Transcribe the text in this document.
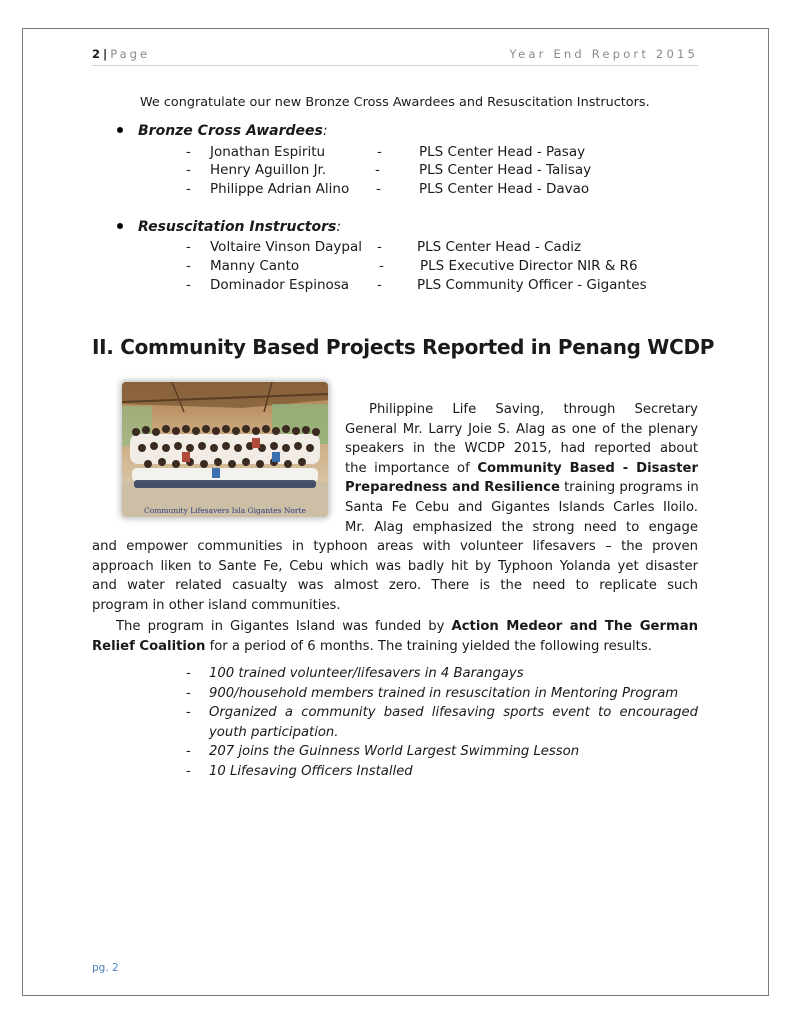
2 | Page	Year End Report 2015
We congratulate our new Bronze Cross Awardees and Resuscitation Instructors.
Bronze Cross Awardees:
- Jonathan Espiritu	-	PLS Center Head - Pasay
- Henry Aguillon Jr.	-	PLS Center Head - Talisay
- Philippe Adrian Alino -	PLS Center Head - Davao
Resuscitation Instructors:
- Voltaire Vinson Daypal -	PLS Center Head - Cadiz
- Manny Canto	-	PLS Executive Director NIR & R6
- Dominador Espinosa -	PLS Community Officer - Gigantes
II. Community Based Projects Reported in Penang WCDP
Community Lifesavers Isla Gigantes Norte
Philippine Life Saving, through Secretary
General Mr. Larry Joie S. Alag as one of the plenary
speakers in the WCDP 2015, had reported about
the importance of Community Based - Disaster
Preparedness and Resilience training programs in
Santa Fe Cebu and Gigantes Islands Carles Iloilo.
Mr. Alag emphasized the strong need to engage
and empower communities in typhoon areas with volunteer lifesavers – the proven
approach liken to Sante Fe, Cebu which was badly hit by Typhoon Yolanda yet disaster
and water related casualty was almost zero. There is the need to replicate such
program in other island communities.
The program in Gigantes Island was funded by Action Medeor and The German
Relief Coalition for a period of 6 months. The training yielded the following results.
- 100 trained volunteer/lifesavers in 4 Barangays
- 900/household members trained in resuscitation in Mentoring Program
- Organized a community based lifesaving sports event to encouraged youth participation.
- 207 joins the Guinness World Largest Swimming Lesson
- 10 Lifesaving Officers Installed
pg. 2
